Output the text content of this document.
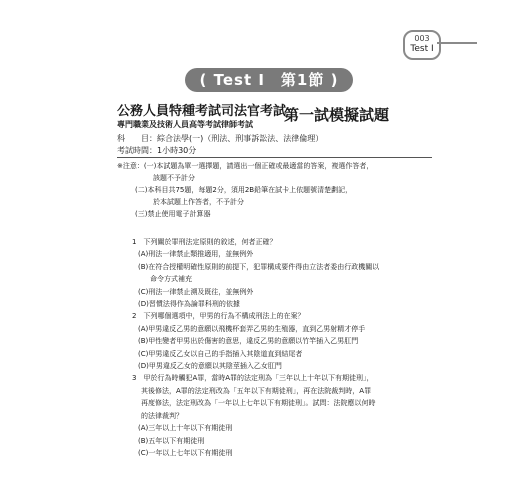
003
Test I
( Test I　第1節 )
公務人員特種考試司法官考試
專門職業及技術人員高等考試律師考試 第一試模擬試題
科　　目：綜合法學(一)（刑法、刑事訴訟法、法律倫理）
考試時間：1小時30分
※注意：(一)本試題為單一選擇題，請選出一個正確或最適當的答案，複選作答者，
該題不予計分
(二)本科目共75題，每題2分，須用2B鉛筆在試卡上依題號清楚劃記，
於本試題上作答者，不予計分
(三)禁止使用電子計算器
1　下列關於罪刑法定原則的敘述，何者正確？
(A)刑法一律禁止類推適用，並無例外
(B)在符合授權明確性原則的前提下，犯罪構成要件得由立法者委由行政機關以
命令方式補充
(C)刑法一律禁止溯及既往，並無例外
(D)習慣法得作為論罪科刑的依據
2　下列哪個選項中，甲男的行為不構成刑法上的在案？
(A)甲男違反乙男的意願以飛機杯套弄乙男的生殖器，直到乙男射精才停手
(B)甲性變者甲男出於傷害的意思，違反乙男的意願以竹竿插入乙男肛門
(C)甲男違反乙女以自己的手指插入其陰道直到結尾者
(D)甲男違反乙女的意願以其陰莖插入乙女肛門
3　甲於行為時觸犯A罪，當時A罪的法定刑為「三年以上十年以下有期徒刑」，
其後修法，A罪的法定刑改為「五年以下有期徒刑」，再在法院裁判時，A罪
再度修法，法定刑改為「一年以上七年以下有期徒刑」。試問：法院應以何時
的法律裁判？
(A)三年以上十年以下有期徒刑
(B)五年以下有期徒刑
(C)一年以上七年以下有期徒刑
